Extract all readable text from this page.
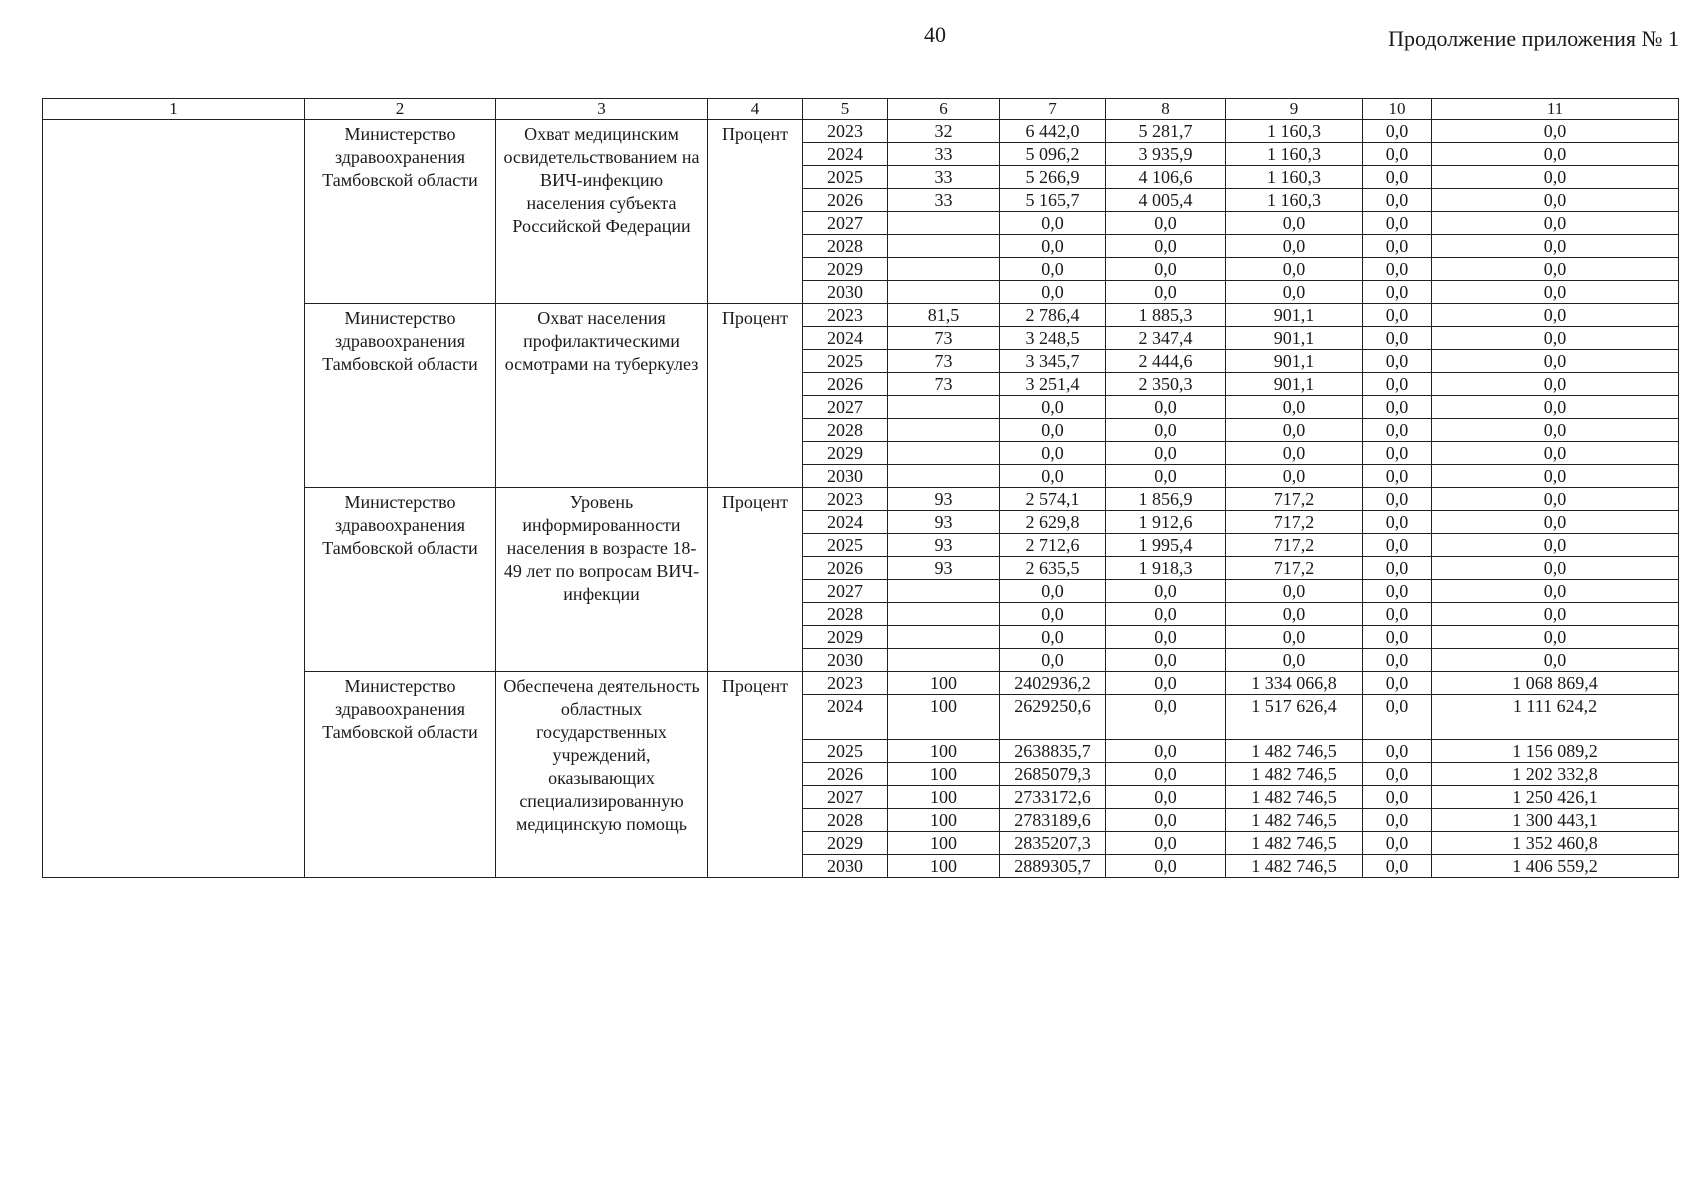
40	Продолжение приложения № 1
1	2	3	4	5	6	7	8	9	10	11
	Министерство здравоохранения Тамбовской области	Охват медицинским освидетельствованием на ВИЧ-инфекцию населения субъекта Российской Федерации	Процент	2023	32	6 442,0	5 281,7	1 160,3	0,0	0,0
				2024	33	5 096,2	3 935,9	1 160,3	0,0	0,0
				2025	33	5 266,9	4 106,6	1 160,3	0,0	0,0
				2026	33	5 165,7	4 005,4	1 160,3	0,0	0,0
				2027		0,0	0,0	0,0	0,0	0,0
				2028		0,0	0,0	0,0	0,0	0,0
				2029		0,0	0,0	0,0	0,0	0,0
				2030		0,0	0,0	0,0	0,0	0,0
	Министерство здравоохранения Тамбовской области	Охват населения профилактическими осмотрами на туберкулез	Процент	2023	81,5	2 786,4	1 885,3	901,1	0,0	0,0
				2024	73	3 248,5	2 347,4	901,1	0,0	0,0
				2025	73	3 345,7	2 444,6	901,1	0,0	0,0
				2026	73	3 251,4	2 350,3	901,1	0,0	0,0
				2027		0,0	0,0	0,0	0,0	0,0
				2028		0,0	0,0	0,0	0,0	0,0
				2029		0,0	0,0	0,0	0,0	0,0
				2030		0,0	0,0	0,0	0,0	0,0
	Министерство здравоохранения Тамбовской области	Уровень информированности населения в возрасте 18-49 лет по вопросам ВИЧ-инфекции	Процент	2023	93	2 574,1	1 856,9	717,2	0,0	0,0
				2024	93	2 629,8	1 912,6	717,2	0,0	0,0
				2025	93	2 712,6	1 995,4	717,2	0,0	0,0
				2026	93	2 635,5	1 918,3	717,2	0,0	0,0
				2027		0,0	0,0	0,0	0,0	0,0
				2028		0,0	0,0	0,0	0,0	0,0
				2029		0,0	0,0	0,0	0,0	0,0
				2030		0,0	0,0	0,0	0,0	0,0
	Министерство здравоохранения Тамбовской области	Обеспечена деятельность областных государственных учреждений, оказывающих специализированную медицинскую помощь	Процент	2023	100	2402936,2	0,0	1 334 066,8	0,0	1 068 869,4
				2024	100	2629250,6	0,0	1 517 626,4	0,0	1 111 624,2
				2025	100	2638835,7	0,0	1 482 746,5	0,0	1 156 089,2
				2026	100	2685079,3	0,0	1 482 746,5	0,0	1 202 332,8
				2027	100	2733172,6	0,0	1 482 746,5	0,0	1 250 426,1
				2028	100	2783189,6	0,0	1 482 746,5	0,0	1 300 443,1
				2029	100	2835207,3	0,0	1 482 746,5	0,0	1 352 460,8
				2030	100	2889305,7	0,0	1 482 746,5	0,0	1 406 559,2
